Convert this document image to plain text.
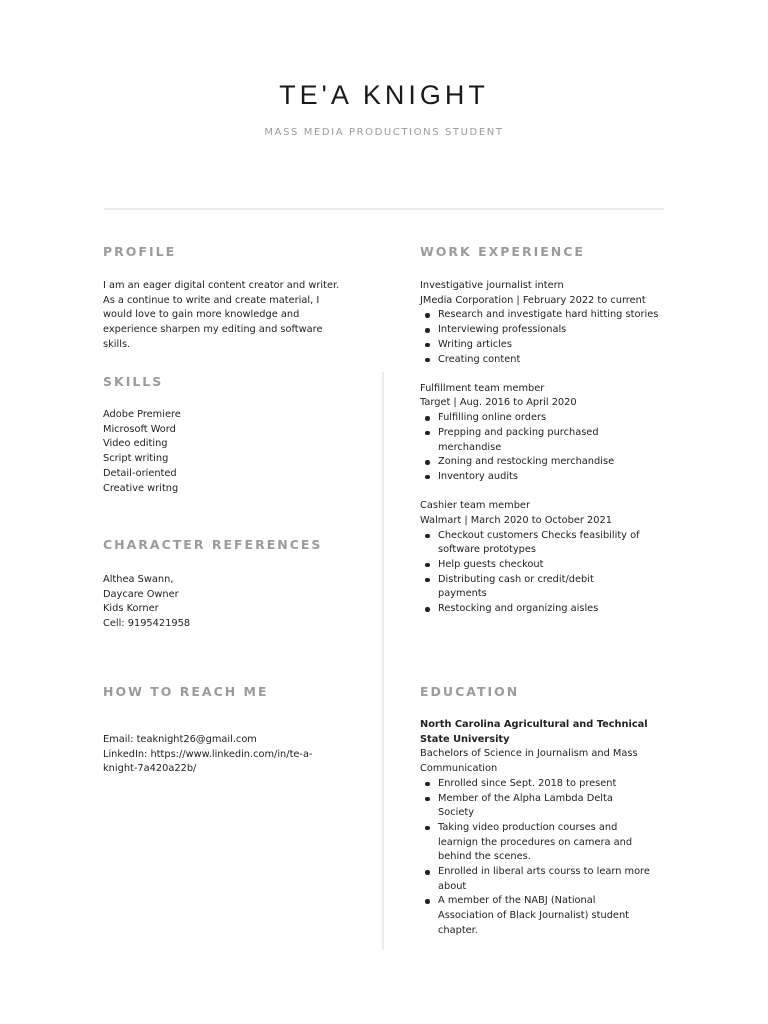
TE'A KNIGHT
MASS MEDIA PRODUCTIONS STUDENT
PROFILE

I am an eager digital content creator and writer. As a continue to write and create material, I would love to gain more knowledge and experience sharpen my editing and software skills.

SKILLS

Adobe Premiere

Microsoft Word

Video editing

Script writing

Detail-oriented

Creative writng

CHARACTER REFERENCES

Althea Swann,

Daycare Owner

Kids Korner

Cell: 9195421958

HOW TO REACH ME

Email: teaknight26@gmail.com

LinkedIn: https://www.linkedin.com/in/te-a-knight-7a420a22b/

WORK EXPERIENCE

Investigative journalist intern

JMedia Corporation | February 2022 to current

Research and investigate hard hitting stories
Interviewing professionals
Writing articles
Creating content

Fulfillment team member

Target | Aug. 2016 to April 2020

Fulfilling online orders
Prepping and packing purchased merchandise
Zoning and restocking merchandise
Inventory audits

Cashier team member

Walmart | March 2020 to October 2021

Checkout customers Checks feasibility of software prototypes
Help guests checkout
Distributing cash or credit/debit payments
Restocking and organizing aisles
EDUCATION

North Carolina Agricultural and Technical State University

Bachelors of Science in Journalism and Mass Communication

Enrolled since Sept. 2018 to present
Member of the Alpha Lambda Delta Society
Taking video production courses and learnign the procedures on camera and behind the scenes.
Enrolled in liberal arts courss to learn more about
A member of the NABJ (National Association of Black Journalist) student chapter.
